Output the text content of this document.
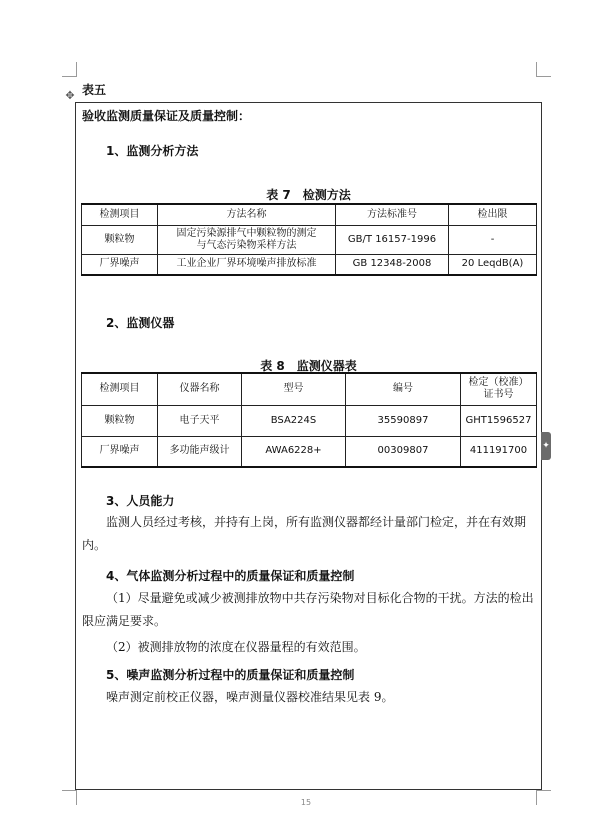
表五
✥
✦
验收监测质量保证及质量控制：
1、监测分析方法
表 7 检测方法
检测项目	方法名称	方法标准号	检出限
颗粒物	固定污染源排气中颗粒物的测定
与气态污染物采样方法	GB/T 16157-1996	-
厂界噪声	工业企业厂界环境噪声排放标准	GB 12348-2008	20 LeqdB(A)
2、监测仪器
表 8 监测仪器表
检测项目	仪器名称	型号	编号	检定（校准）
证书号

颗粒物	电子天平	BSA224S	35590897	GHT1596527
厂界噪声	多功能声级计	AWA6228+	00309807	411191700
3、人员能力
监测人员经过考核，并持有上岗，所有监测仪器都经计量部门检定，并在有效期内。
4、气体监测分析过程中的质量保证和质量控制
（1）尽量避免或减少被测排放物中共存污染物对目标化合物的干扰。方法的检出限应满足要求。
（2）被测排放物的浓度在仪器量程的有效范围。
5、噪声监测分析过程中的质量保证和质量控制
噪声测定前校正仪器，噪声测量仪器校准结果见表 9。
15
